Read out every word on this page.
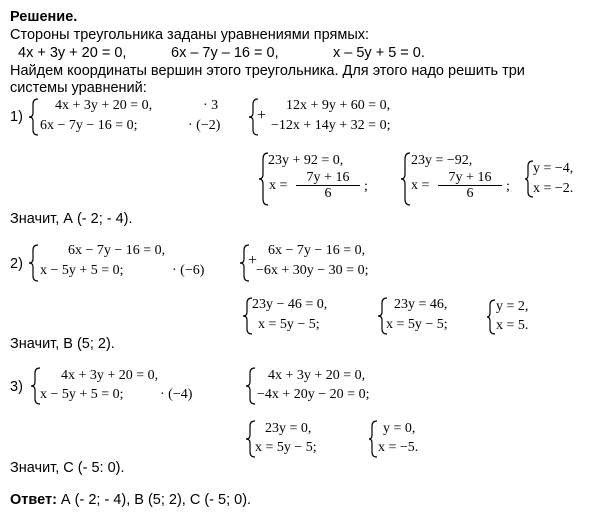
Решение.
Стороны треугольника заданы уравнениями прямых:
4x + 3y + 20 = 0,	6x – 7y – 16 = 0,	x – 5y + 5 = 0.
Найдем координаты вершин этого треугольника. Для этого надо решить три
системы уравнений:
1)
4x + 3y + 20 = 0,	· 3
6x − 7y − 16 = 0;	· (−2)
+
12x + 9y + 60 = 0,
−12x + 14y + 32 = 0;
23y + 92 = 0,
$x = \frac{7y + 16}{6}$ ;
23y = −92,
$x = \frac{7y + 16}{6}$ ;
y = −4,
x = −2.
Значит, А (- 2; - 4).
2)
6x − 7y − 16 = 0,
x − 5y + 5 = 0;	· (−6)
+
6x − 7y − 16 = 0,
−6x + 30y − 30 = 0;
23y − 46 = 0,
x = 5y − 5;
23y = 46,
x = 5y − 5;
y = 2,
x = 5.
Значит, В (5; 2).
3)
4x + 3y + 20 = 0,
x − 5y + 5 = 0;	· (−4)
4x + 3y + 20 = 0,
−4x + 20y − 20 = 0;
23y = 0,
x = 5y − 5;
y = 0,
x = −5.
Значит, С (- 5: 0).
Ответ: А (- 2; - 4), В (5; 2), С (- 5; 0).
